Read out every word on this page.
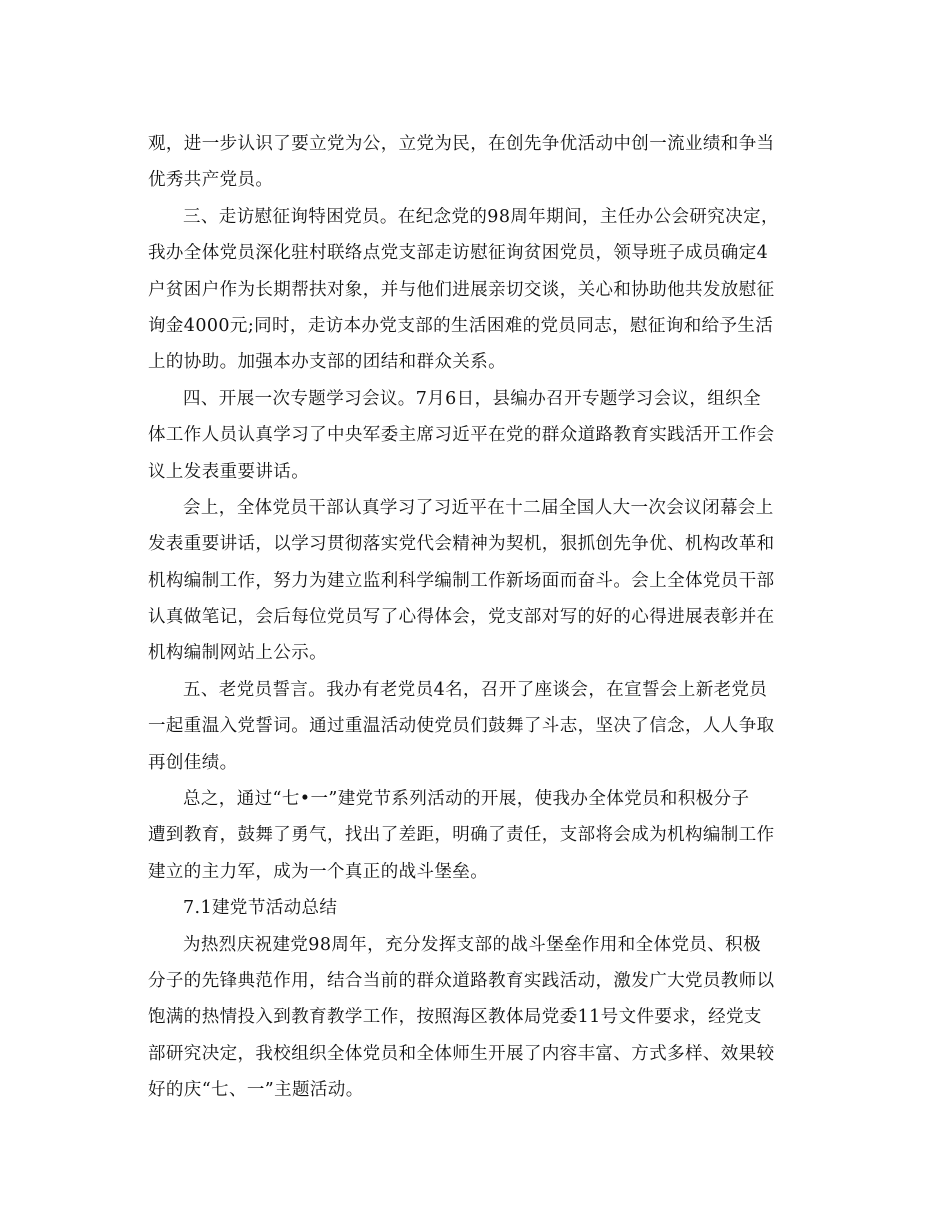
观，进一步认识了要立党为公，立党为民，在创先争优活动中创一流业绩和争当
优秀共产党员。
三、走访慰征询特困党员。在纪念党的98周年期间，主任办公会研究决定，
我办全体党员深化驻村联络点党支部走访慰征询贫困党员，领导班子成员确定4
户贫困户作为长期帮扶对象，并与他们进展亲切交谈，关心和协助他共发放慰征
询金4000元;同时，走访本办党支部的生活困难的党员同志，慰征询和给予生活
上的协助。加强本办支部的团结和群众关系。
四、开展一次专题学习会议。7月6日，县编办召开专题学习会议，组织全
体工作人员认真学习了中央军委主席习近平在党的群众道路教育实践活开工作会
议上发表重要讲话。
会上，全体党员干部认真学习了习近平在十二届全国人大一次会议闭幕会上
发表重要讲话，以学习贯彻落实党代会精神为契机，狠抓创先争优、机构改革和
机构编制工作，努力为建立监利科学编制工作新场面而奋斗。会上全体党员干部
认真做笔记，会后每位党员写了心得体会，党支部对写的好的心得进展表彰并在
机构编制网站上公示。
五、老党员誓言。我办有老党员4名，召开了座谈会，在宣誓会上新老党员
一起重温入党誓词。通过重温活动使党员们鼓舞了斗志，坚决了信念，人人争取
再创佳绩。
总之，通过“七•一”建党节系列活动的开展，使我办全体党员和积极分子
遭到教育，鼓舞了勇气，找出了差距，明确了责任，支部将会成为机构编制工作
建立的主力军，成为一个真正的战斗堡垒。
7.1建党节活动总结
为热烈庆祝建党98周年，充分发挥支部的战斗堡垒作用和全体党员、积极
分子的先锋典范作用，结合当前的群众道路教育实践活动，激发广大党员教师以
饱满的热情投入到教育教学工作，按照海区教体局党委11号文件要求，经党支
部研究决定，我校组织全体党员和全体师生开展了内容丰富、方式多样、效果较
好的庆“七、一”主题活动。
